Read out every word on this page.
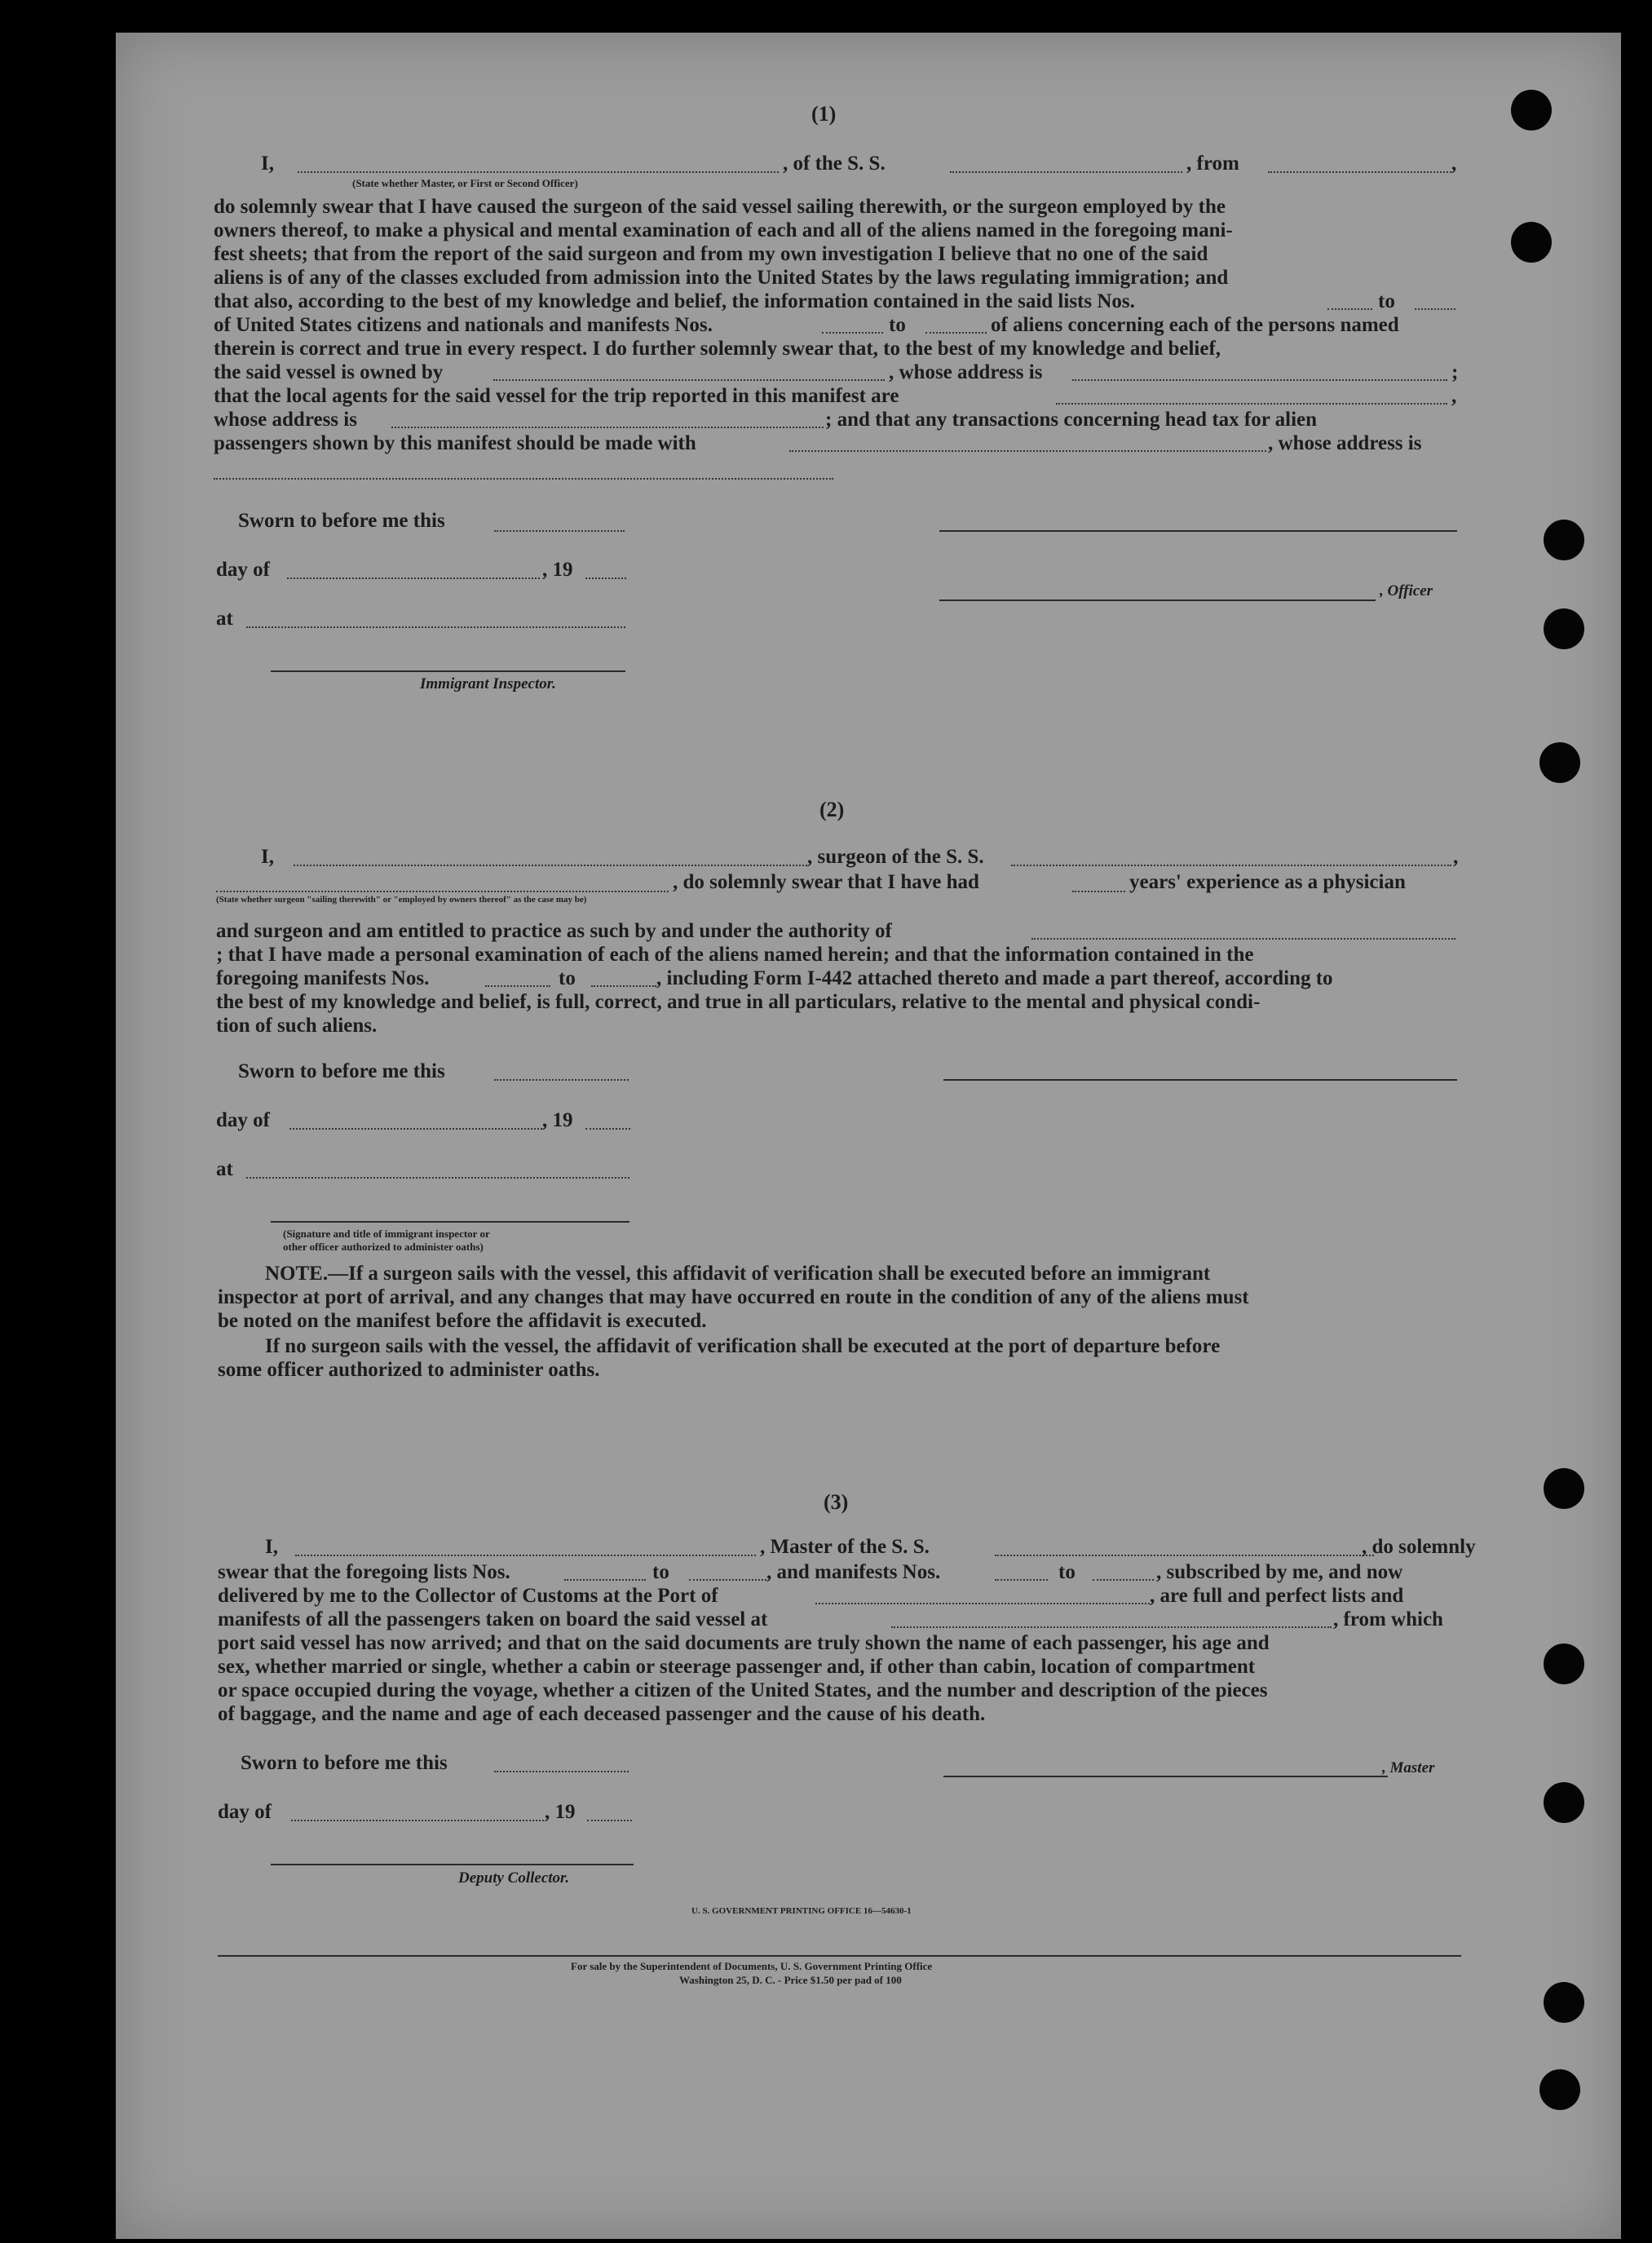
(1)
I,	, of the S. S.	, from	,
(State whether Master, or First or Second Officer)
do solemnly swear that I have caused the surgeon of the said vessel sailing therewith, or the surgeon employed by the
owners thereof, to make a physical and mental examination of each and all of the aliens named in the foregoing mani-
fest sheets; that from the report of the said surgeon and from my own investigation I believe that no one of the said
aliens is of any of the classes excluded from admission into the United States by the laws regulating immigration; and
that also, according to the best of my knowledge and belief, the information contained in the said lists Nos.	to
of United States citizens and nationals and manifests Nos.	to	of aliens concerning each of the persons named
therein is correct and true in every respect. I do further solemnly swear that, to the best of my knowledge and belief,
the said vessel is owned by	, whose address is	;
that the local agents for the said vessel for the trip reported in this manifest are	,
whose address is	; and that any transactions concerning head tax for alien
passengers shown by this manifest should be made with	, whose address is
Sworn to before me this
day of	, 19
, Officer
at
Immigrant Inspector.
(2)
I,	, surgeon of the S. S.	,
, do solemnly swear that I have had	years' experience as a physician
(State whether surgeon "sailing therewith" or "employed by owners thereof" as the case may be)
and surgeon and am entitled to practice as such by and under the authority of
; that I have made a personal examination of each of the aliens named herein; and that the information contained in the
foregoing manifests Nos.	to	, including Form I-442 attached thereto and made a part thereof, according to
the best of my knowledge and belief, is full, correct, and true in all particulars, relative to the mental and physical condi-
tion of such aliens.
Sworn to before me this
day of	, 19
at
(Signature and title of immigrant inspector or
other officer authorized to administer oaths)
NOTE.—If a surgeon sails with the vessel, this affidavit of verification shall be executed before an immigrant
inspector at port of arrival, and any changes that may have occurred en route in the condition of any of the aliens must
be noted on the manifest before the affidavit is executed.
If no surgeon sails with the vessel, the affidavit of verification shall be executed at the port of departure before
some officer authorized to administer oaths.
(3)
I,	, Master of the S. S.	, do solemnly
swear that the foregoing lists Nos.	to	, and manifests Nos.	to	, subscribed by me, and now
delivered by me to the Collector of Customs at the Port of	, are full and perfect lists and
manifests of all the passengers taken on board the said vessel at	, from which
port said vessel has now arrived; and that on the said documents are truly shown the name of each passenger, his age and
sex, whether married or single, whether a cabin or steerage passenger and, if other than cabin, location of compartment
or space occupied during the voyage, whether a citizen of the United States, and the number and description of the pieces
of baggage, and the name and age of each deceased passenger and the cause of his death.
Sworn to before me this	, Master
day of	, 19
Deputy Collector.
U. S. GOVERNMENT PRINTING OFFICE 16—54630-1
For sale by the Superintendent of Documents, U. S. Government Printing Office
Washington 25, D. C. - Price $1.50 per pad of 100
